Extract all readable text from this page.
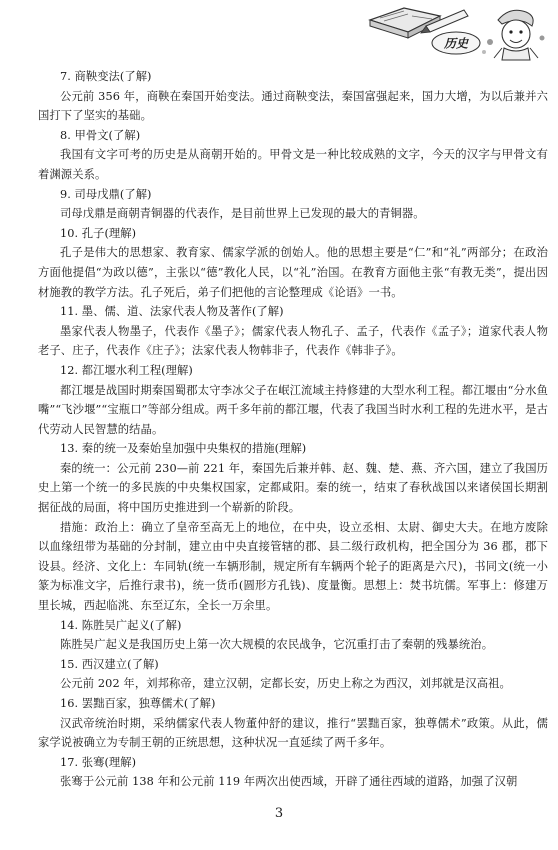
历史
7. 商鞅变法(了解)
公元前 356 年，商鞅在秦国开始变法。通过商鞅变法，秦国富强起来，国力大增，为以后兼并六国打下了坚实的基础。
8. 甲骨文(了解)
我国有文字可考的历史是从商朝开始的。甲骨文是一种比较成熟的文字，今天的汉字与甲骨文有着渊源关系。
9. 司母戊鼎(了解)
司母戊鼎是商朝青铜器的代表作，是目前世界上已发现的最大的青铜器。
10. 孔子(理解)
孔子是伟大的思想家、教育家、儒家学派的创始人。他的思想主要是“仁”和“礼”两部分；在政治方面他提倡“为政以德”，主张以“德”教化人民，以“礼”治国。在教育方面他主张“有教无类”，提出因材施教的教学方法。孔子死后，弟子们把他的言论整理成《论语》一书。
11. 墨、儒、道、法家代表人物及著作(了解)
墨家代表人物墨子，代表作《墨子》；儒家代表人物孔子、孟子，代表作《孟子》；道家代表人物老子、庄子，代表作《庄子》；法家代表人物韩非子，代表作《韩非子》。
12. 都江堰水利工程(理解)
都江堰是战国时期秦国蜀郡太守李冰父子在岷江流域主持修建的大型水利工程。都江堰由“分水鱼嘴”“飞沙堰”“宝瓶口”等部分组成。两千多年前的都江堰，代表了我国当时水利工程的先进水平，是古代劳动人民智慧的结晶。
13. 秦的统一及秦始皇加强中央集权的措施(理解)
秦的统一：公元前 230—前 221 年，秦国先后兼并韩、赵、魏、楚、燕、齐六国，建立了我国历史上第一个统一的多民族的中央集权国家，定都咸阳。秦的统一，结束了春秋战国以来诸侯国长期割据征战的局面，将中国历史推进到一个崭新的阶段。
措施：政治上：确立了皇帝至高无上的地位，在中央，设立丞相、太尉、御史大夫。在地方废除以血缘纽带为基础的分封制，建立由中央直接管辖的郡、县二级行政机构，把全国分为 36 郡，郡下设县。经济、文化上：车同轨(统一车辆形制，规定所有车辆两个轮子的距离是六尺)，书同文(统一小篆为标准文字，后推行隶书)，统一货币(圆形方孔钱)、度量衡。思想上：焚书坑儒。军事上：修建万里长城，西起临洮、东至辽东，全长一万余里。
14. 陈胜吴广起义(了解)
陈胜吴广起义是我国历史上第一次大规模的农民战争，它沉重打击了秦朝的残暴统治。
15. 西汉建立(了解)
公元前 202 年，刘邦称帝，建立汉朝，定都长安，历史上称之为西汉，刘邦就是汉高祖。
16. 罢黜百家，独尊儒术(了解)
汉武帝统治时期，采纳儒家代表人物董仲舒的建议，推行“罢黜百家，独尊儒术”政策。从此，儒家学说被确立为专制王朝的正统思想，这种状况一直延续了两千多年。
17. 张骞(理解)
张骞于公元前 138 年和公元前 119 年两次出使西域，开辟了通往西域的道路，加强了汉朝
3
